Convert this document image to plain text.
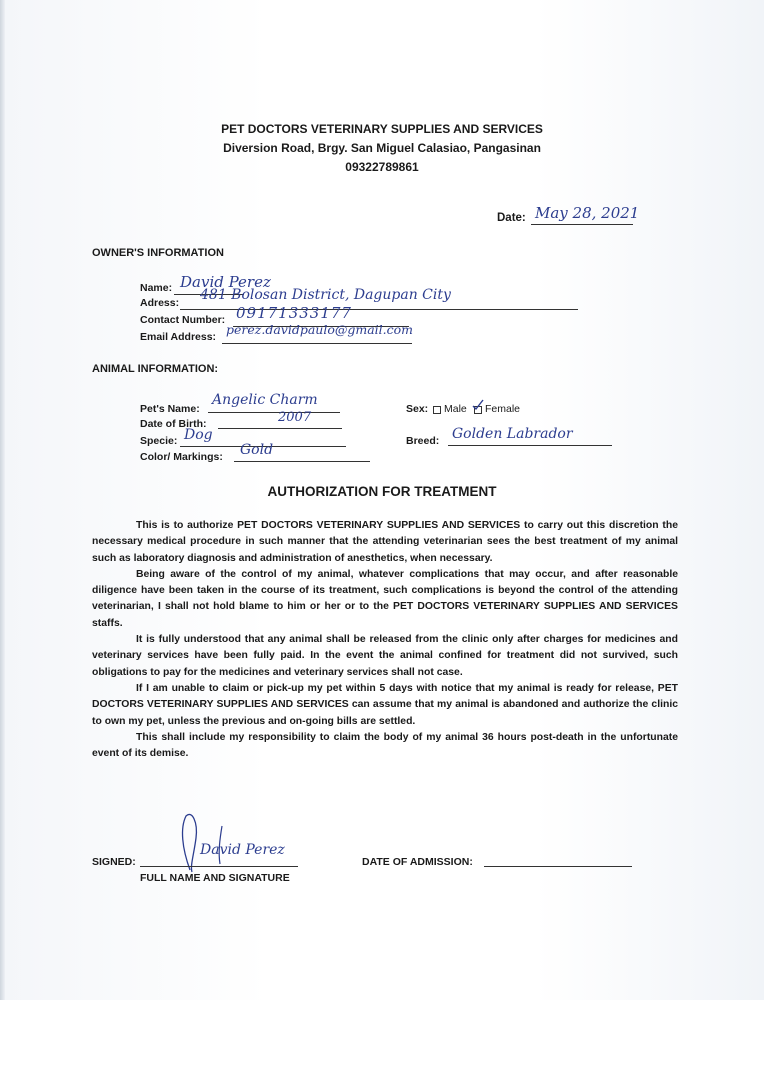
PET DOCTORS VETERINARY SUPPLIES AND SERVICES
Diversion Road, Brgy. San Miguel Calasiao, Pangasinan
09322789861
Date: May 28, 2021
OWNER'S INFORMATION
Name: David Perez
Adress: 481 Bolosan District, Dagupan City
Contact Number: 09171333177
Email Address: perez.davidpaulo@gmail.com
ANIMAL INFORMATION:
Pet's Name:
Angelic Charm
Date of Birth:	2007
Specie: Dog
Color/ Markings: Gold
Sex: Male Female
Breed: Golden Labrador
AUTHORIZATION FOR TREATMENT

This is to authorize PET DOCTORS VETERINARY SUPPLIES AND SERVICES to carry out this discretion the necessary medical procedure in such manner that the attending veterinarian sees the best treatment of my animal such as laboratory diagnosis and administration of anesthetics, when necessary.

Being aware of the control of my animal, whatever complications that may occur, and after reasonable diligence have been taken in the course of its treatment, such complications is beyond the control of the attending veterinarian, I shall not hold blame to him or her or to the PET DOCTORS VETERINARY SUPPLIES AND SERVICES staffs.

It is fully understood that any animal shall be released from the clinic only after charges for medicines and veterinary services have been fully paid. In the event the animal confined for treatment did not survived, such obligations to pay for the medicines and veterinary services shall not case.

If I am unable to claim or pick-up my pet within 5 days with notice that my animal is ready for release, PET DOCTORS VETERINARY SUPPLIES AND SERVICES can assume that my animal is abandoned and authorize the clinic to own my pet, unless the previous and on-going bills are settled.

This shall include my responsibility to claim the body of my animal 36 hours post-death in the unfortunate event of its demise.

SIGNED:
David Perez
FULL NAME AND SIGNATURE
DATE OF ADMISSION:
